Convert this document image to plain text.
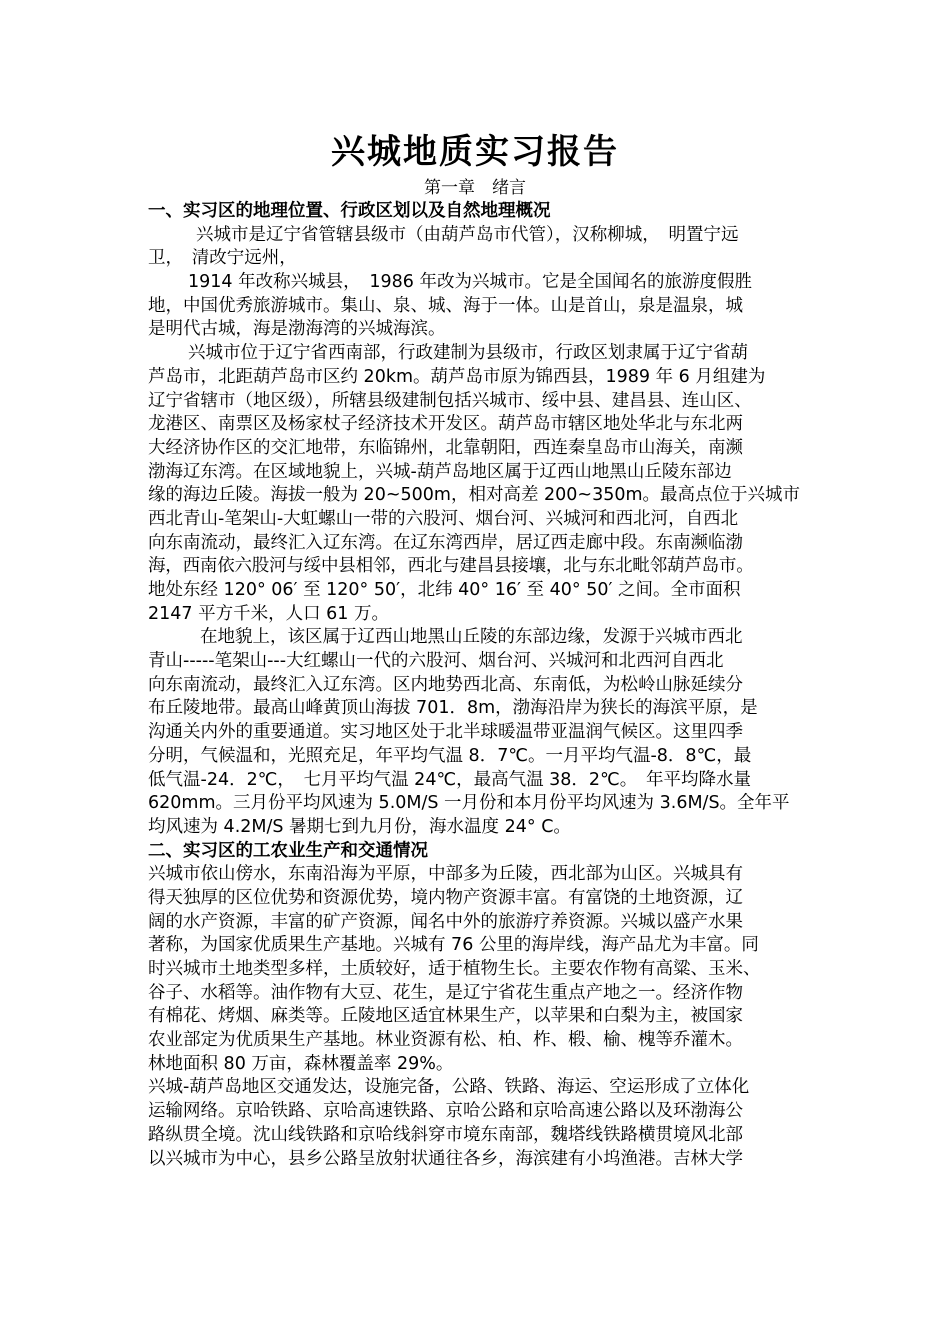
兴城地质实习报告
第一章　绪言
一、实习区的地理位置、行政区划以及自然地理概况
兴城市是辽宁省管辖县级市（由葫芦岛市代管），汉称柳城，　明置宁远
卫，　清改宁远州，
1914 年改称兴城县，　1986 年改为兴城市。它是全国闻名的旅游度假胜
地，中国优秀旅游城市。集山、泉、城、海于一体。山是首山，泉是温泉，城
是明代古城，海是渤海湾的兴城海滨。
兴城市位于辽宁省西南部，行政建制为县级市，行政区划隶属于辽宁省葫
芦岛市，北距葫芦岛市区约 20km。葫芦岛市原为锦西县，1989 年 6 月组建为
辽宁省辖市（地区级），所辖县级建制包括兴城市、绥中县、建昌县、连山区、
龙港区、南票区及杨家杖子经济技术开发区。葫芦岛市辖区地处华北与东北两
大经济协作区的交汇地带，东临锦州，北靠朝阳，西连秦皇岛市山海关，南濒
渤海辽东湾。在区域地貌上，兴城-葫芦岛地区属于辽西山地黑山丘陵东部边
缘的海边丘陵。海拔一般为 20~500m，相对高差 200~350m。最高点位于兴城市
西北青山-笔架山-大虹螺山一带的六股河、烟台河、兴城河和西北河，自西北
向东南流动，最终汇入辽东湾。在辽东湾西岸，居辽西走廊中段。东南濒临渤
海，西南依六股河与绥中县相邻，西北与建昌县接壤，北与东北毗邻葫芦岛市。
地处东经 120° 06′ 至 120° 50′，北纬 40° 16′ 至 40° 50′ 之间。全市面积
2147 平方千米，人口 61 万。
在地貌上，该区属于辽西山地黑山丘陵的东部边缘，发源于兴城市西北
青山-----笔架山---大红螺山一代的六股河、烟台河、兴城河和北西河自西北
向东南流动，最终汇入辽东湾。区内地势西北高、东南低，为松岭山脉延续分
布丘陵地带。最高山峰黄顶山海拔 701．8m，渤海沿岸为狭长的海滨平原，是
沟通关内外的重要通道。实习地区处于北半球暖温带亚温润气候区。这里四季
分明，气候温和，光照充足，年平均气温 8．7℃。一月平均气温-8．8℃，最
低气温-24．2℃，　七月平均气温 24℃，最高气温 38．2℃。　年平均降水量
620mm。三月份平均风速为 5.0M/S 一月份和本月份平均风速为 3.6M/S。全年平
均风速为 4.2M/S 暑期七到九月份，海水温度 24° C。
二、实习区的工农业生产和交通情况
兴城市依山傍水，东南沿海为平原，中部多为丘陵，西北部为山区。兴城具有
得天独厚的区位优势和资源优势，境内物产资源丰富。有富饶的土地资源，辽
阔的水产资源，丰富的矿产资源，闻名中外的旅游疗养资源。兴城以盛产水果
著称，为国家优质果生产基地。兴城有 76 公里的海岸线，海产品尤为丰富。同
时兴城市土地类型多样，土质较好，适于植物生长。主要农作物有高粱、玉米、
谷子、水稻等。油作物有大豆、花生，是辽宁省花生重点产地之一。经济作物
有棉花、烤烟、麻类等。丘陵地区适宜林果生产，以苹果和白梨为主，被国家
农业部定为优质果生产基地。林业资源有松、柏、柞、椴、榆、槐等乔灌木。
林地面积 80 万亩，森林覆盖率 29%。
兴城-葫芦岛地区交通发达，设施完备，公路、铁路、海运、空运形成了立体化
运输网络。京哈铁路、京哈高速铁路、京哈公路和京哈高速公路以及环渤海公
路纵贯全境。沈山线铁路和京哈线斜穿市境东南部，魏塔线铁路横贯境风北部
以兴城市为中心，县乡公路呈放射状通往各乡，海滨建有小坞渔港。吉林大学
